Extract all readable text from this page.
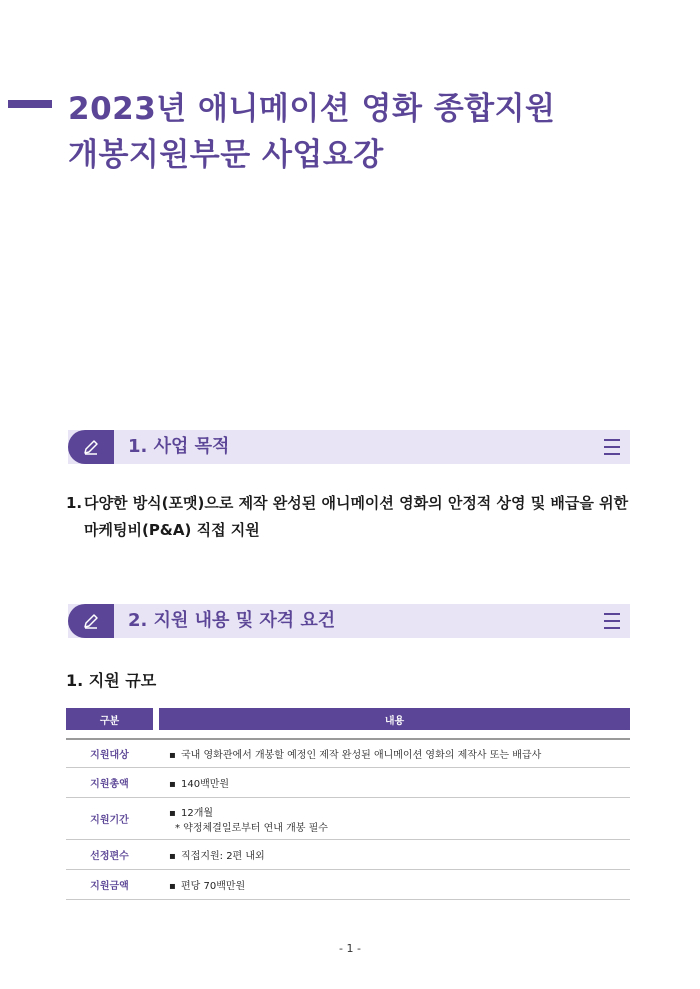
2023년 애니메이션 영화 종합지원
개봉지원부문 사업요강
1. 사업 목적
1. 다양한 방식(포맷)으로 제작 완성된 애니메이션 영화의 안정적 상영 및 배급을 위한
마케팅비(P&A) 직접 지원
2. 지원 내용 및 자격 요건
1. 지원 규모
구분		내용

지원대상		▪ 국내 영화관에서 개봉할 예정인 제작 완성된 애니메이션 영화의 제작사 또는 배급사
지원총액		▪ 140백만원
지원기간		▪ 12개월
* 약정체결일로부터 연내 개봉 필수

선정편수		▪ 직접지원: 2편 내외
지원금액		▪ 편당 70백만원
- 1 -
